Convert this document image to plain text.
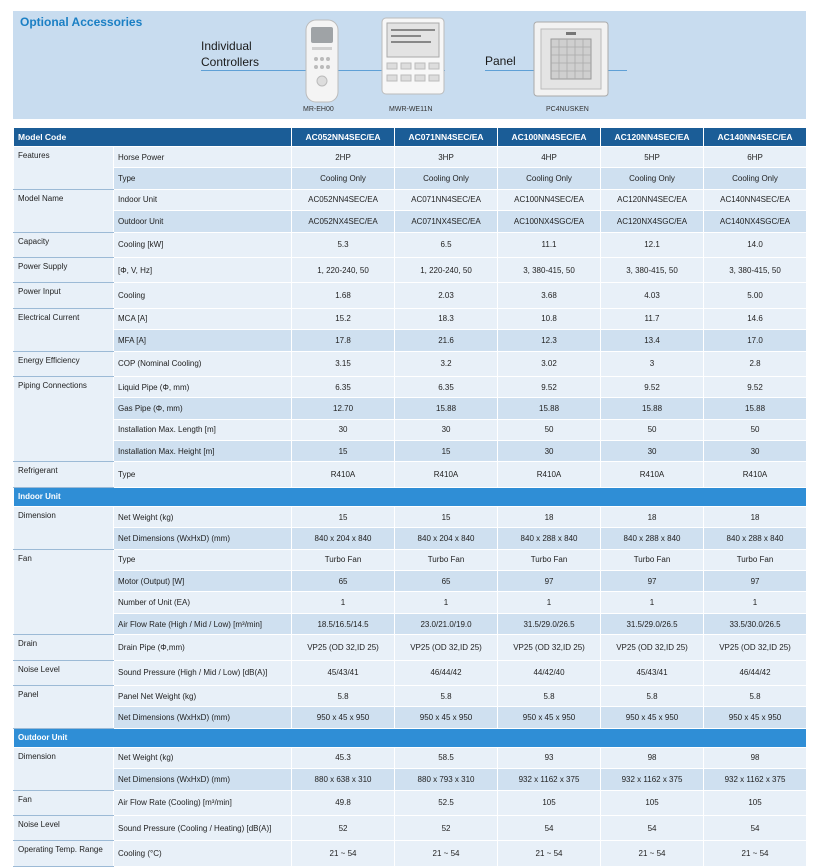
Optional Accessories
Individual
Controllers	Panel
MR-EH00	MWR-WE11N	PC4NUSKEN
Model Code		AC052NN4SEC/EA	AC071NN4SEC/EA	AC100NN4SEC/EA	AC120NN4SEC/EA	AC140NN4SEC/EA
Features	Horse Power	2HP	3HP	4HP	5HP	6HP
	Type	Cooling Only	Cooling Only	Cooling Only	Cooling Only	Cooling Only
Model Name	Indoor Unit	AC052NN4SEC/EA	AC071NN4SEC/EA	AC100NN4SEC/EA	AC120NN4SEC/EA	AC140NN4SEC/EA
	Outdoor Unit	AC052NX4SEC/EA	AC071NX4SEC/EA	AC100NX4SGC/EA	AC120NX4SGC/EA	AC140NX4SGC/EA
Capacity	Cooling [kW]	5.3	6.5	11.1	12.1	14.0
Power Supply	[Φ, V, Hz]	1, 220-240, 50	1, 220-240, 50	3, 380-415, 50	3, 380-415, 50	3, 380-415, 50
Power Input	Cooling	1.68	2.03	3.68	4.03	5.00
Electrical Current	MCA [A]	15.2	18.3	10.8	11.7	14.6
	MFA [A]	17.8	21.6	12.3	13.4	17.0
Energy Efficiency	COP (Nominal Cooling)	3.15	3.2	3.02	3	2.8
Piping Connections	Liquid Pipe (Φ, mm)	6.35	6.35	9.52	9.52	9.52
	Gas Pipe (Φ, mm)	12.70	15.88	15.88	15.88	15.88
	Installation Max. Length [m]	30	30	50	50	50
	Installation Max. Height [m]	15	15	30	30	30
Refrigerant	Type	R410A	R410A	R410A	R410A	R410A
Indoor Unit						
Dimension	Net Weight (kg)	15	15	18	18	18
	Net Dimensions (WxHxD) (mm)	840 x 204 x 840	840 x 204 x 840	840 x 288 x 840	840 x 288 x 840	840 x 288 x 840
Fan	Type	Turbo Fan	Turbo Fan	Turbo Fan	Turbo Fan	Turbo Fan
	Motor (Output) [W]	65	65	97	97	97
	Number of Unit (EA)	1	1	1	1	1
	Air Flow Rate (High / Mid / Low) [m³/min]	18.5/16.5/14.5	23.0/21.0/19.0	31.5/29.0/26.5	31.5/29.0/26.5	33.5/30.0/26.5
Drain	Drain Pipe (Φ,mm)	VP25 (OD 32,ID 25)	VP25 (OD 32,ID 25)	VP25 (OD 32,ID 25)	VP25 (OD 32,ID 25)	VP25 (OD 32,ID 25)
Noise Level	Sound Pressure (High / Mid / Low) [dB(A)]	45/43/41	46/44/42	44/42/40	45/43/41	46/44/42
Panel	Panel Net Weight (kg)	5.8	5.8	5.8	5.8	5.8
	Net Dimensions (WxHxD) (mm)	950 x 45 x 950	950 x 45 x 950	950 x 45 x 950	950 x 45 x 950	950 x 45 x 950
Outdoor Unit						
Dimension	Net Weight (kg)	45.3	58.5	93	98	98
	Net Dimensions (WxHxD) (mm)	880 x 638 x 310	880 x 793 x 310	932 x 1162 x 375	932 x 1162 x 375	932 x 1162 x 375
Fan	Air Flow Rate (Cooling) [m³/min]	49.8	52.5	105	105	105
Noise Level	Sound Pressure (Cooling / Heating) [dB(A)]	52	52	54	54	54
Operating Temp. Range	Cooling (°C)	21 ~ 54	21 ~ 54	21 ~ 54	21 ~ 54	21 ~ 54
